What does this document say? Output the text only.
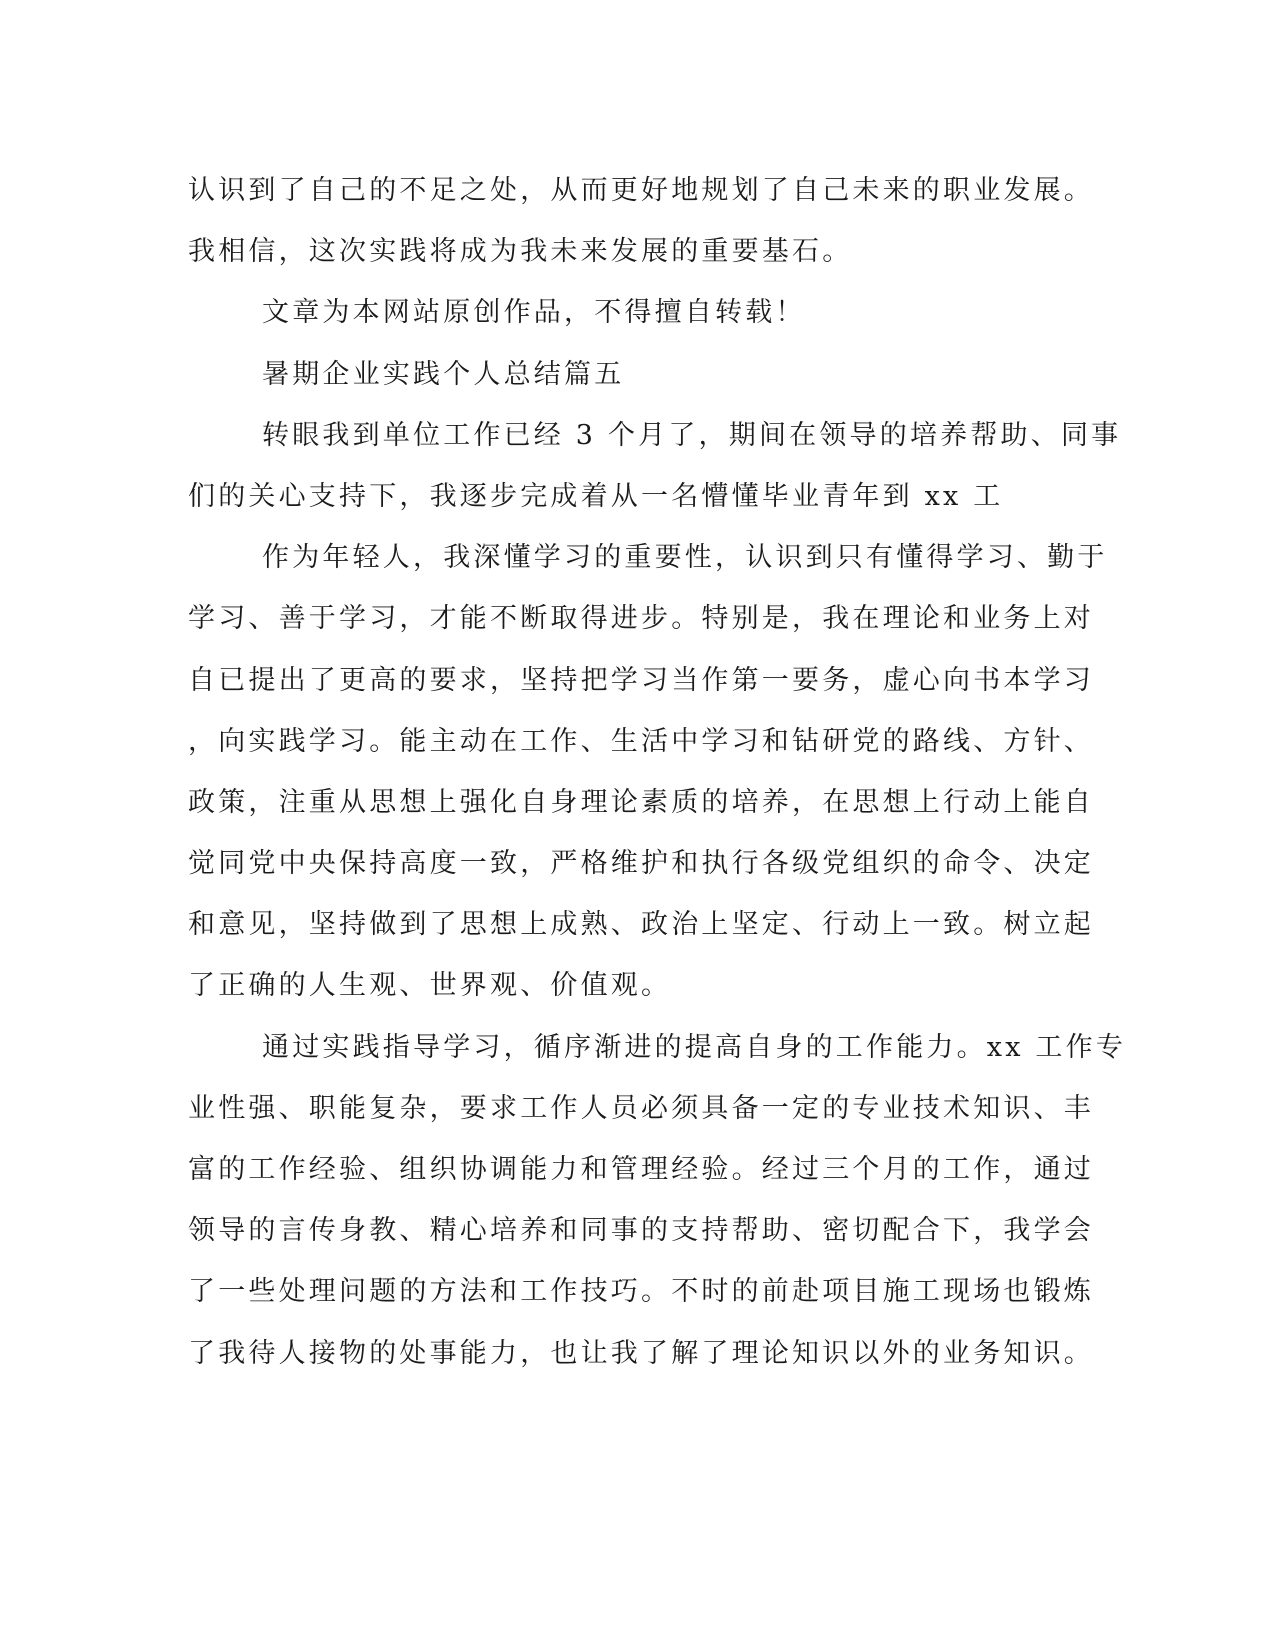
认识到了自己的不足之处，从而更好地规划了自己未来的职业发展。
我相信，这次实践将成为我未来发展的重要基石。
文章为本网站原创作品，不得擅自转载！
暑期企业实践个人总结篇五
转眼我到单位工作已经 3 个月了，期间在领导的培养帮助、同事
们的关心支持下，我逐步完成着从一名懵懂毕业青年到 xx 工
作为年轻人，我深懂学习的重要性，认识到只有懂得学习、勤于
学习、善于学习，才能不断取得进步。特别是，我在理论和业务上对
自已提出了更高的要求，坚持把学习当作第一要务，虚心向书本学习
，向实践学习。能主动在工作、生活中学习和钻研党的路线、方针、
政策，注重从思想上强化自身理论素质的培养，在思想上行动上能自
觉同党中央保持高度一致，严格维护和执行各级党组织的命令、决定
和意见，坚持做到了思想上成熟、政治上坚定、行动上一致。树立起
了正确的人生观、世界观、价值观。
通过实践指导学习，循序渐进的提高自身的工作能力。xx 工作专
业性强、职能复杂，要求工作人员必须具备一定的专业技术知识、丰
富的工作经验、组织协调能力和管理经验。经过三个月的工作，通过
领导的言传身教、精心培养和同事的支持帮助、密切配合下，我学会
了一些处理问题的方法和工作技巧。不时的前赴项目施工现场也锻炼
了我待人接物的处事能力，也让我了解了理论知识以外的业务知识。
